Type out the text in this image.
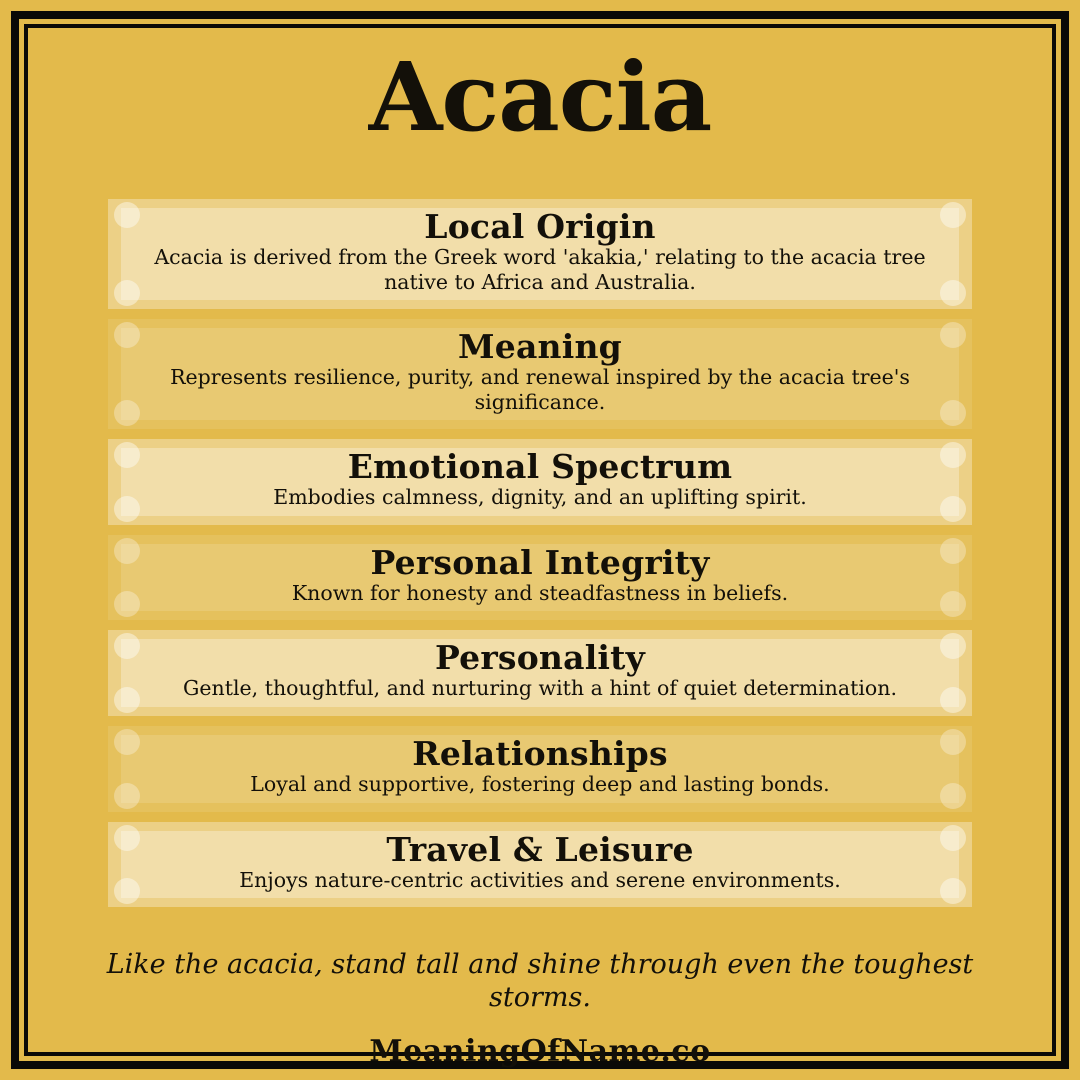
Acacia
Local Origin

Acacia is derived from the Greek word 'akakia,' relating to the acacia tree native to Africa and Australia.

Meaning

Represents resilience, purity, and renewal inspired by the acacia tree's significance.

Emotional Spectrum

Embodies calmness, dignity, and an uplifting spirit.

Personal Integrity

Known for honesty and steadfastness in beliefs.

Personality

Gentle, thoughtful, and nurturing with a hint of quiet determination.

Relationships

Loyal and supportive, fostering deep and lasting bonds.

Travel & Leisure

Enjoys nature-centric activities and serene environments.

Like the acacia, stand tall and shine through even the toughest storms.

MeaningOfName.co
